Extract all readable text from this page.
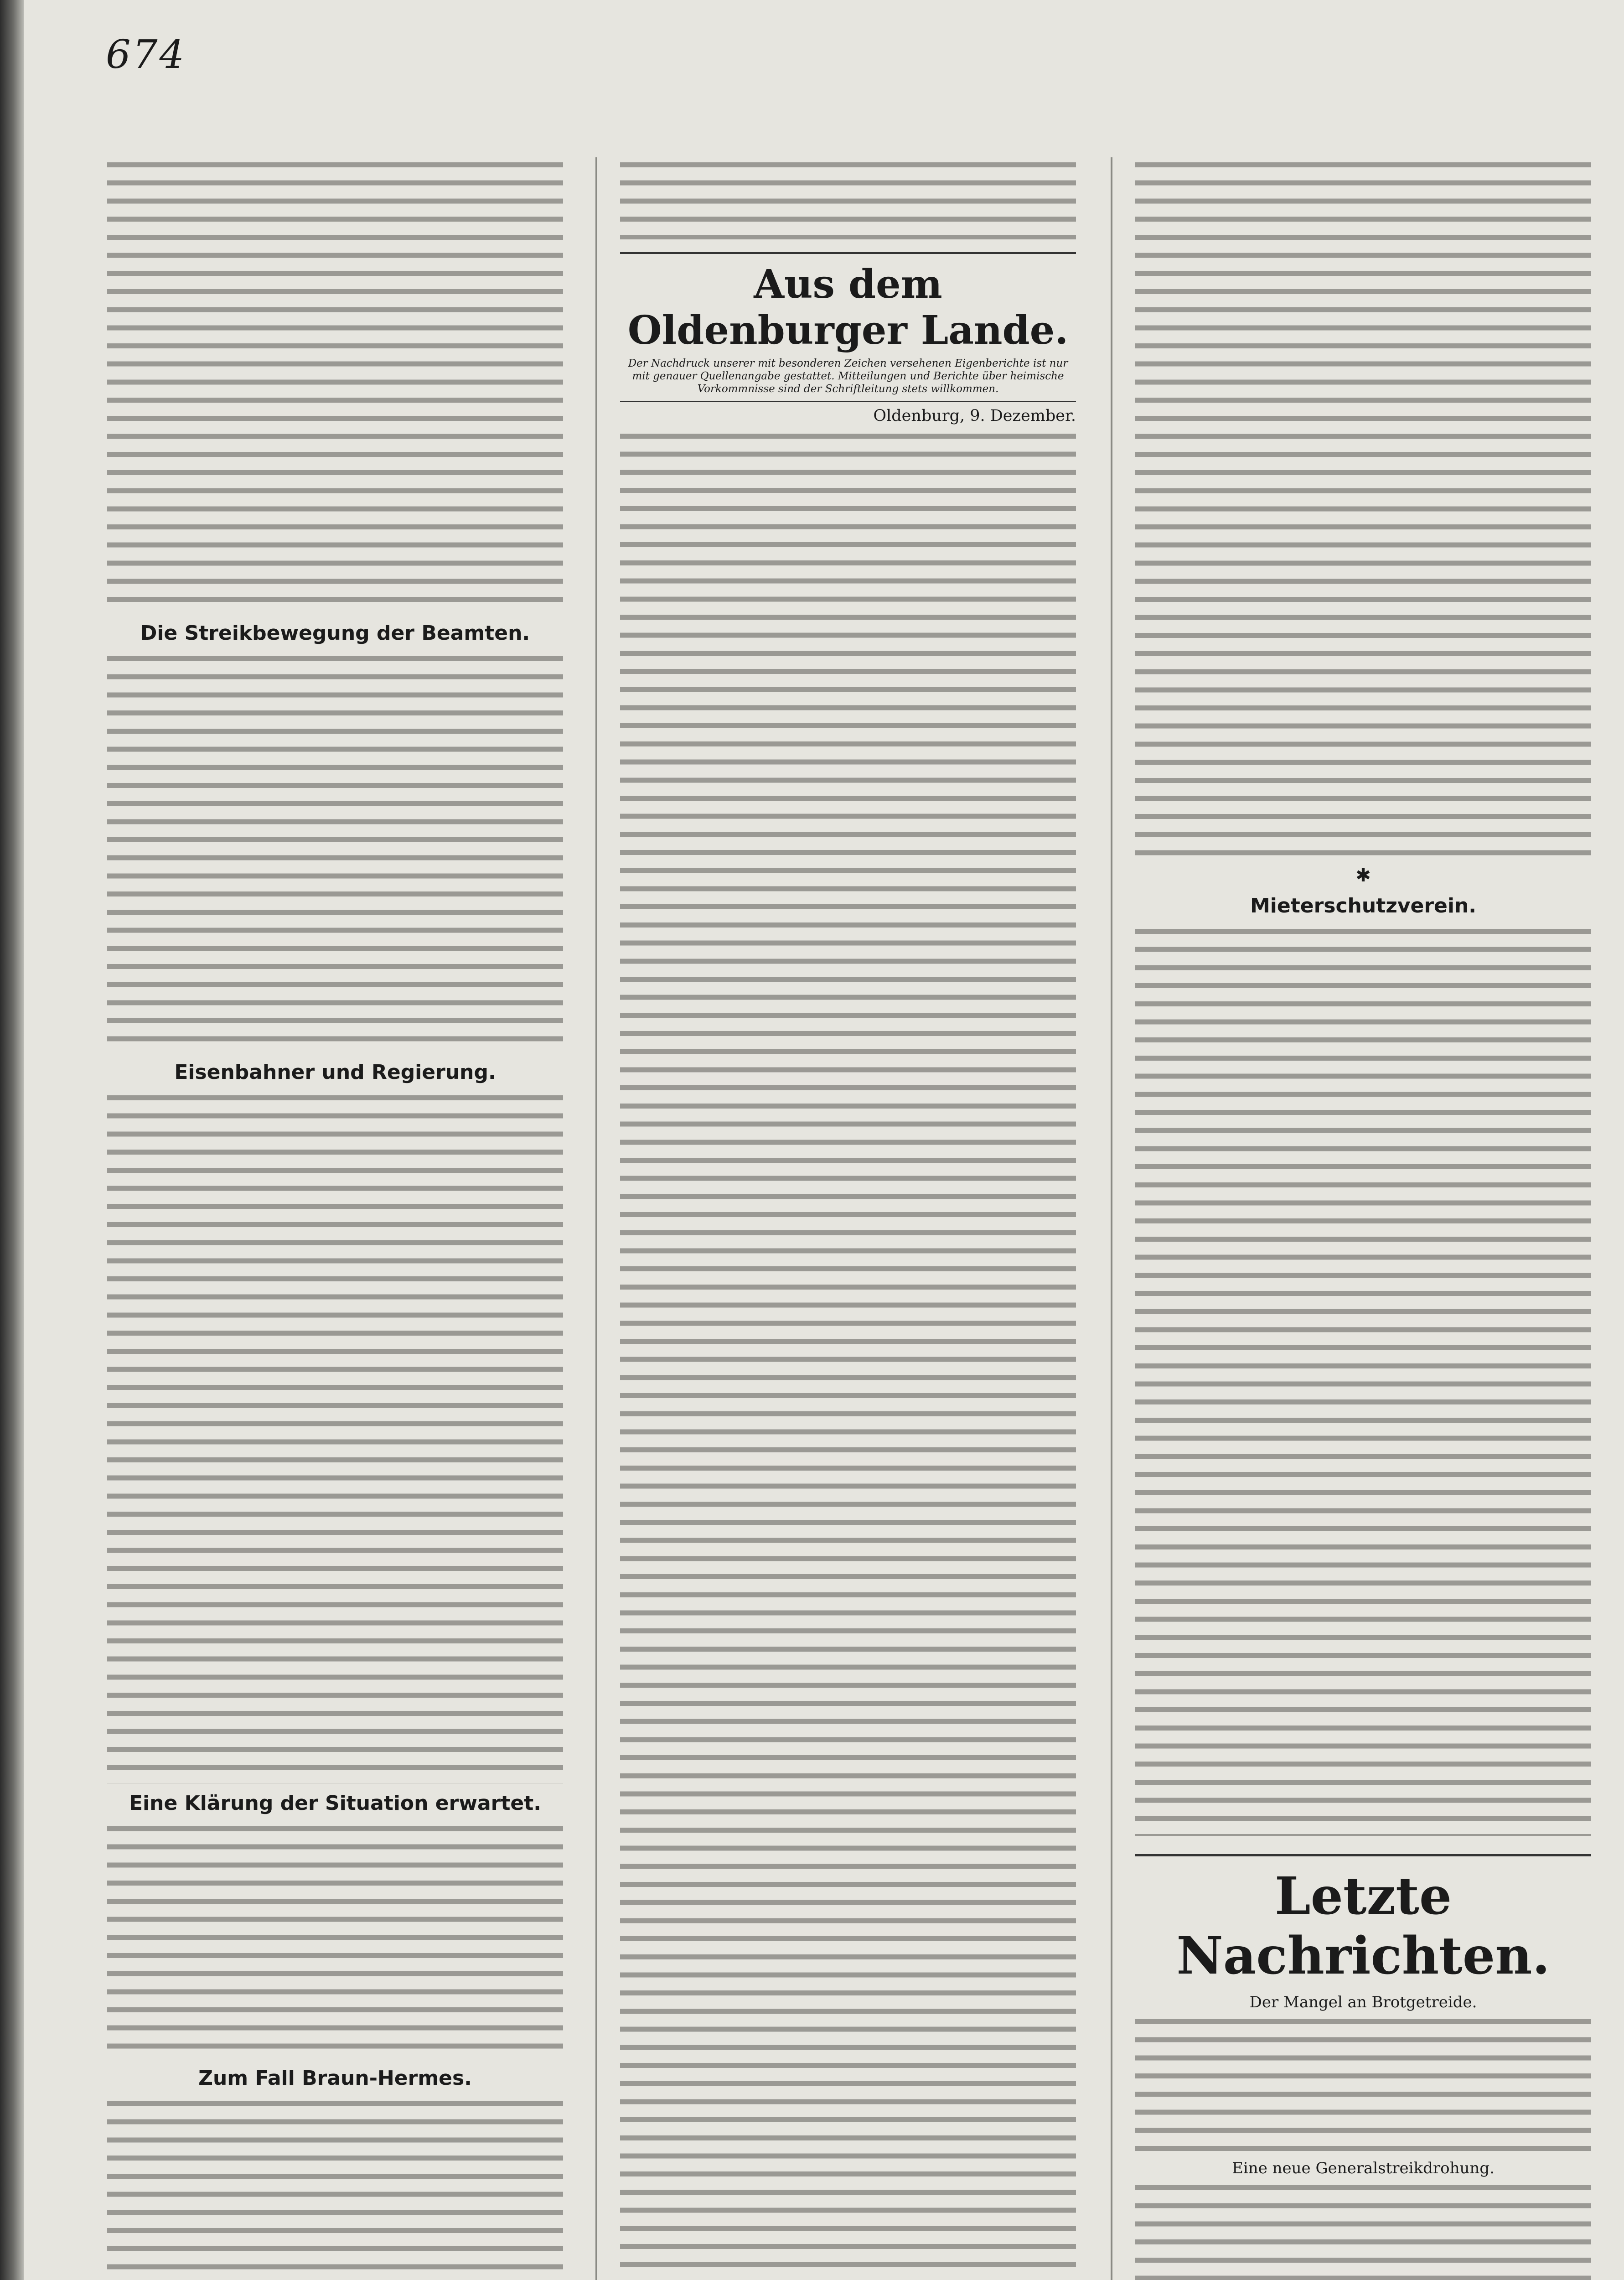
674
Die Streikbewegung der Beamten.
Eisenbahner und Regierung.
Eine Klärung der Situation erwartet.
Zum Fall Braun-Hermes.
Aus dem Oldenburger Lande.
Der Nachdruck unserer mit besonderen Zeichen versehenen Eigenberichte ist nur mit genauer Quellenangabe gestattet. Mitteilungen und Berichte über heimische Vorkommnisse sind der Schriftleitung stets willkommen.
Oldenburg, 9. Dezember.
✱
Mieterschutzverein.
Letzte Nachrichten.
Der Mangel an Brotgetreide.
Eine neue Generalstreikdrohung.
